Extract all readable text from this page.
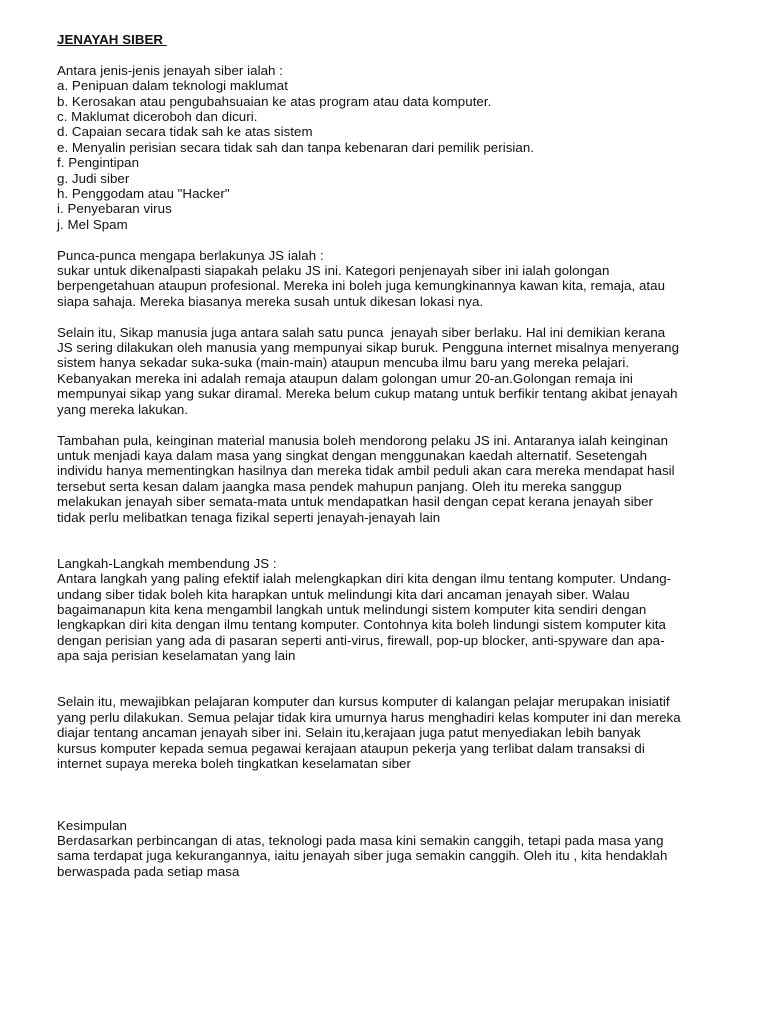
JENAYAH SIBER
Antara jenis-jenis jenayah siber ialah :
a. Penipuan dalam teknologi maklumat
b. Kerosakan atau pengubahsuaian ke atas program atau data komputer.
c. Maklumat diceroboh dan dicuri.
d. Capaian secara tidak sah ke atas sistem
e. Menyalin perisian secara tidak sah dan tanpa kebenaran dari pemilik perisian.
f. Pengintipan
g. Judi siber
h. Penggodam atau "Hacker"
i. Penyebaran virus
j. Mel Spam
Punca-punca mengapa berlakunya JS ialah :
sukar untuk dikenalpasti siapakah pelaku JS ini. Kategori penjenayah siber ini ialah golongan
berpengetahuan ataupun profesional. Mereka ini boleh juga kemungkinannya kawan kita, remaja, atau
siapa sahaja. Mereka biasanya mereka susah untuk dikesan lokasi nya.
Selain itu, Sikap manusia juga antara salah satu punca  jenayah siber berlaku. Hal ini demikian kerana
JS sering dilakukan oleh manusia yang mempunyai sikap buruk. Pengguna internet misalnya menyerang
sistem hanya sekadar suka-suka (main-main) ataupun mencuba ilmu baru yang mereka pelajari.
Kebanyakan mereka ini adalah remaja ataupun dalam golongan umur 20-an.Golongan remaja ini
mempunyai sikap yang sukar diramal. Mereka belum cukup matang untuk berfikir tentang akibat jenayah
yang mereka lakukan.
Tambahan pula, keinginan material manusia boleh mendorong pelaku JS ini. Antaranya ialah keinginan
untuk menjadi kaya dalam masa yang singkat dengan menggunakan kaedah alternatif. Sesetengah
individu hanya mementingkan hasilnya dan mereka tidak ambil peduli akan cara mereka mendapat hasil
tersebut serta kesan dalam jaangka masa pendek mahupun panjang. Oleh itu mereka sanggup
melakukan jenayah siber semata-mata untuk mendapatkan hasil dengan cepat kerana jenayah siber
tidak perlu melibatkan tenaga fizikal seperti jenayah-jenayah lain
Langkah-Langkah membendung JS :
Antara langkah yang paling efektif ialah melengkapkan diri kita dengan ilmu tentang komputer. Undang-
undang siber tidak boleh kita harapkan untuk melindungi kita dari ancaman jenayah siber. Walau
bagaimanapun kita kena mengambil langkah untuk melindungi sistem komputer kita sendiri dengan
lengkapkan diri kita dengan ilmu tentang komputer. Contohnya kita boleh lindungi sistem komputer kita
dengan perisian yang ada di pasaran seperti anti-virus, firewall, pop-up blocker, anti-spyware dan apa-
apa saja perisian keselamatan yang lain
Selain itu, mewajibkan pelajaran komputer dan kursus komputer di kalangan pelajar merupakan inisiatif
yang perlu dilakukan. Semua pelajar tidak kira umurnya harus menghadiri kelas komputer ini dan mereka
diajar tentang ancaman jenayah siber ini. Selain itu,kerajaan juga patut menyediakan lebih banyak
kursus komputer kepada semua pegawai kerajaan ataupun pekerja yang terlibat dalam transaksi di
internet supaya mereka boleh tingkatkan keselamatan siber
Kesimpulan
Berdasarkan perbincangan di atas, teknologi pada masa kini semakin canggih, tetapi pada masa yang
sama terdapat juga kekurangannya, iaitu jenayah siber juga semakin canggih. Oleh itu , kita hendaklah
berwaspada pada setiap masa
